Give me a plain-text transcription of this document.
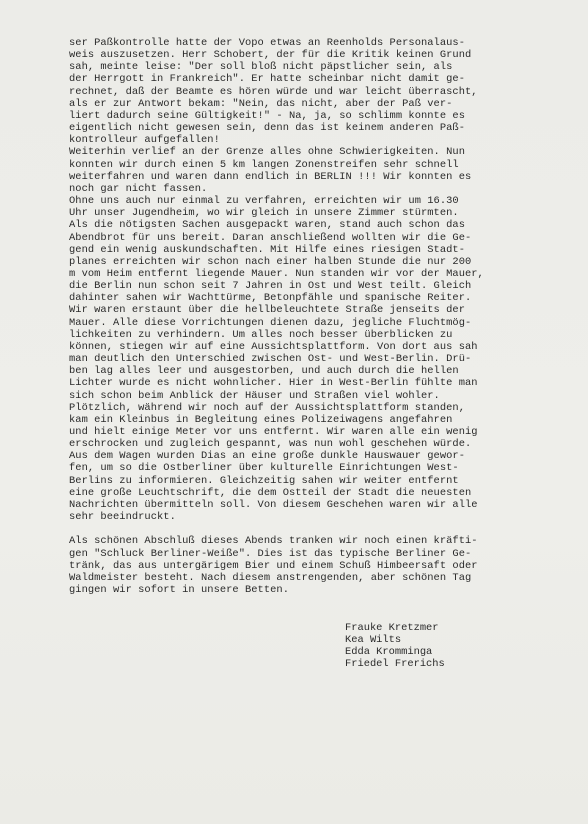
ser Paßkontrolle hatte der Vopo etwas an Reenholds Personalaus-
weis auszusetzen. Herr Schobert, der für die Kritik keinen Grund
sah, meinte leise: "Der soll bloß nicht päpstlicher sein, als
der Herrgott in Frankreich". Er hatte scheinbar nicht damit ge-
rechnet, daß der Beamte es hören würde und war leicht überrascht,
als er zur Antwort bekam: "Nein, das nicht, aber der Paß ver-
liert dadurch seine Gültigkeit!" - Na, ja, so schlimm konnte es
eigentlich nicht gewesen sein, denn das ist keinem anderen Paß-
kontrolleur aufgefallen!
Weiterhin verlief an der Grenze alles ohne Schwierigkeiten. Nun
konnten wir durch einen 5 km langen Zonenstreifen sehr schnell
weiterfahren und waren dann endlich in BERLIN !!! Wir konnten es
noch gar nicht fassen.
Ohne uns auch nur einmal zu verfahren, erreichten wir um 16.30
Uhr unser Jugendheim, wo wir gleich in unsere Zimmer stürmten.
Als die nötigsten Sachen ausgepackt waren, stand auch schon das
Abendbrot für uns bereit. Daran anschließend wollten wir die Ge-
gend ein wenig auskundschaften. Mit Hilfe eines riesigen Stadt-
planes erreichten wir schon nach einer halben Stunde die nur 200
m vom Heim entfernt liegende Mauer. Nun standen wir vor der Mauer,
die Berlin nun schon seit 7 Jahren in Ost und West teilt. Gleich
dahinter sahen wir Wachttürme, Betonpfähle und spanische Reiter.
Wir waren erstaunt über die hellbeleuchtete Straße jenseits der
Mauer. Alle diese Vorrichtungen dienen dazu, jegliche Fluchtmög-
lichkeiten zu verhindern. Um alles noch besser überblicken zu
können, stiegen wir auf eine Aussichtsplattform. Von dort aus sah
man deutlich den Unterschied zwischen Ost- und West-Berlin. Drü-
ben lag alles leer und ausgestorben, und auch durch die hellen
Lichter wurde es nicht wohnlicher. Hier in West-Berlin fühlte man
sich schon beim Anblick der Häuser und Straßen viel wohler.
Plötzlich, während wir noch auf der Aussichtsplattform standen,
kam ein Kleinbus in Begleitung eines Polizeiwagens angefahren
und hielt einige Meter vor uns entfernt. Wir waren alle ein wenig
erschrocken und zugleich gespannt, was nun wohl geschehen würde.
Aus dem Wagen wurden Dias an eine große dunkle Hauswauer gewor-
fen, um so die Ostberliner über kulturelle Einrichtungen West-
Berlins zu informieren. Gleichzeitig sahen wir weiter entfernt
eine große Leuchtschrift, die dem Ostteil der Stadt die neuesten
Nachrichten übermitteln soll. Von diesem Geschehen waren wir alle
sehr beeindruckt.
Als schönen Abschluß dieses Abends tranken wir noch einen kräfti-
gen "Schluck Berliner-Weiße". Dies ist das typische Berliner Ge-
tränk, das aus untergärigem Bier und einem Schuß Himbeersaft oder
Waldmeister besteht. Nach diesem anstrengenden, aber schönen Tag
gingen wir sofort in unsere Betten.
Frauke Kretzmer
Kea Wilts
Edda Kromminga
Friedel Frerichs
